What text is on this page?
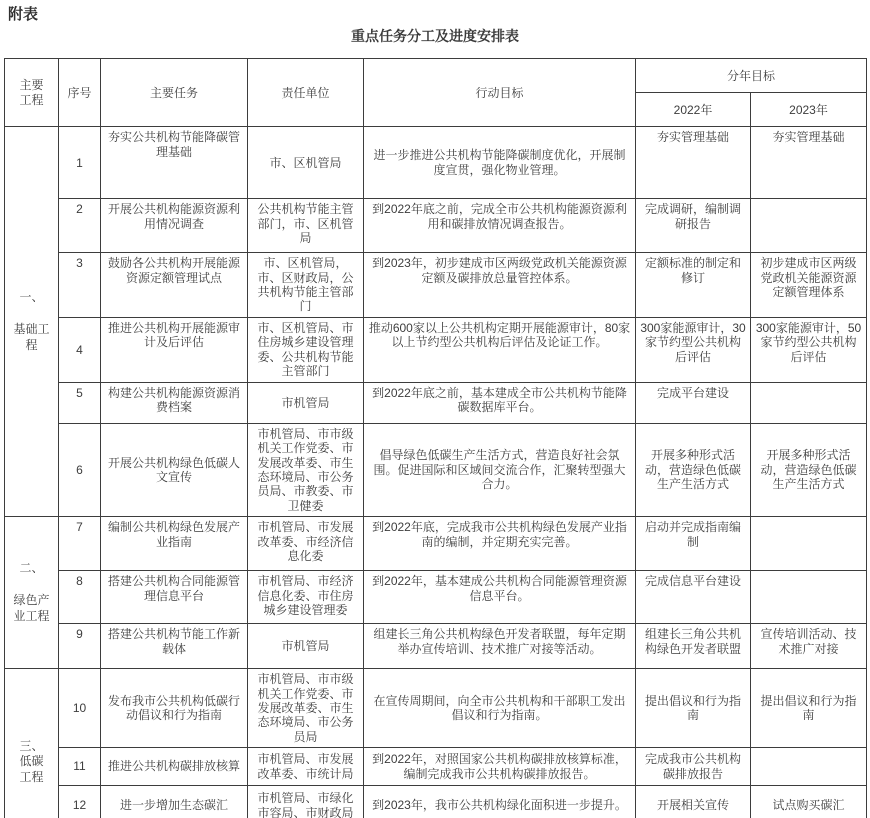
附表
重点任务分工及进度安排表
主要工程	序号	主要任务	责任单位	行动目标	分年目标	
					2022年	2023年

一、
基础工
程	1	夯实公共机构节能降碳管理基础	市、区机管局	进一步推进公共机构节能降碳制度优化，开展制度宣贯，强化物业管理。	夯实管理基础	夯实管理基础
	2	开展公共机构能源资源利用情况调查	公共机构节能主管部门，市、区机管局	到2022年底之前，完成全市公共机构能源资源利用和碳排放情况调查报告。	完成调研，编制调研报告	
	3	鼓励各公共机构开展能源资源定额管理试点	市、区机管局，市、区财政局，公共机构节能主管部门	到2023年，初步建成市区两级党政机关能源资源定额及碳排放总量管控体系。	定额标准的制定和修订	初步建成市区两级党政机关能源资源定额管理体系
	4	推进公共机构开展能源审计及后评估	市、区机管局、市住房城乡建设管理委、公共机构节能主管部门	推动600家以上公共机构定期开展能源审计，80家以上节约型公共机构后评估及论证工作。	300家能源审计，30家节约型公共机构后评估	300家能源审计，50家节约型公共机构后评估
	5	构建公共机构能源资源消费档案	市机管局	到2022年底之前，基本建成全市公共机构节能降碳数据库平台。	完成平台建设	
	6	开展公共机构绿色低碳人文宣传	市机管局、市市级机关工作党委、市发展改革委、市生态环境局、市公务员局、市教委、市卫健委	倡导绿色低碳生产生活方式，营造良好社会氛围。促进国际和区域间交流合作，汇聚转型强大合力。	开展多种形式活动，营造绿色低碳生产生活方式	开展多种形式活动，营造绿色低碳生产生活方式

二、
绿色产
业工程	7	编制公共机构绿色发展产业指南	市机管局、市发展改革委、市经济信息化委	到2022年底，完成我市公共机构绿色发展产业指南的编制，并定期充实完善。	启动并完成指南编制	
	8	搭建公共机构合同能源管理信息平台	市机管局、市经济信息化委、市住房城乡建设管理委	到2022年，基本建成公共机构合同能源管理资源信息平台。	完成信息平台建设	
	9	搭建公共机构节能工作新载体	市机管局	组建长三角公共机构绿色开发者联盟，每年定期举办宣传培训、技术推广对接等活动。	组建长三角公共机构绿色开发者联盟	宣传培训活动、技术推广对接

三、
低碳
工程	10	发布我市公共机构低碳行动倡议和行为指南	市机管局、市市级机关工作党委、市发展改革委、市生态环境局、市公务员局	在宣传周期间，向全市公共机构和干部职工发出倡议和行为指南。	提出倡议和行为指南	提出倡议和行为指南
	11	推进公共机构碳排放核算	市机管局、市发展改革委、市统计局	到2022年，对照国家公共机构碳排放核算标准，编制完成我市公共机构碳排放报告。	完成我市公共机构碳排放报告	
	12	进一步增加生态碳汇	市机管局、市绿化市容局、市财政局	到2023年，我市公共机构绿化面积进一步提升。	开展相关宣传	试点购买碳汇
